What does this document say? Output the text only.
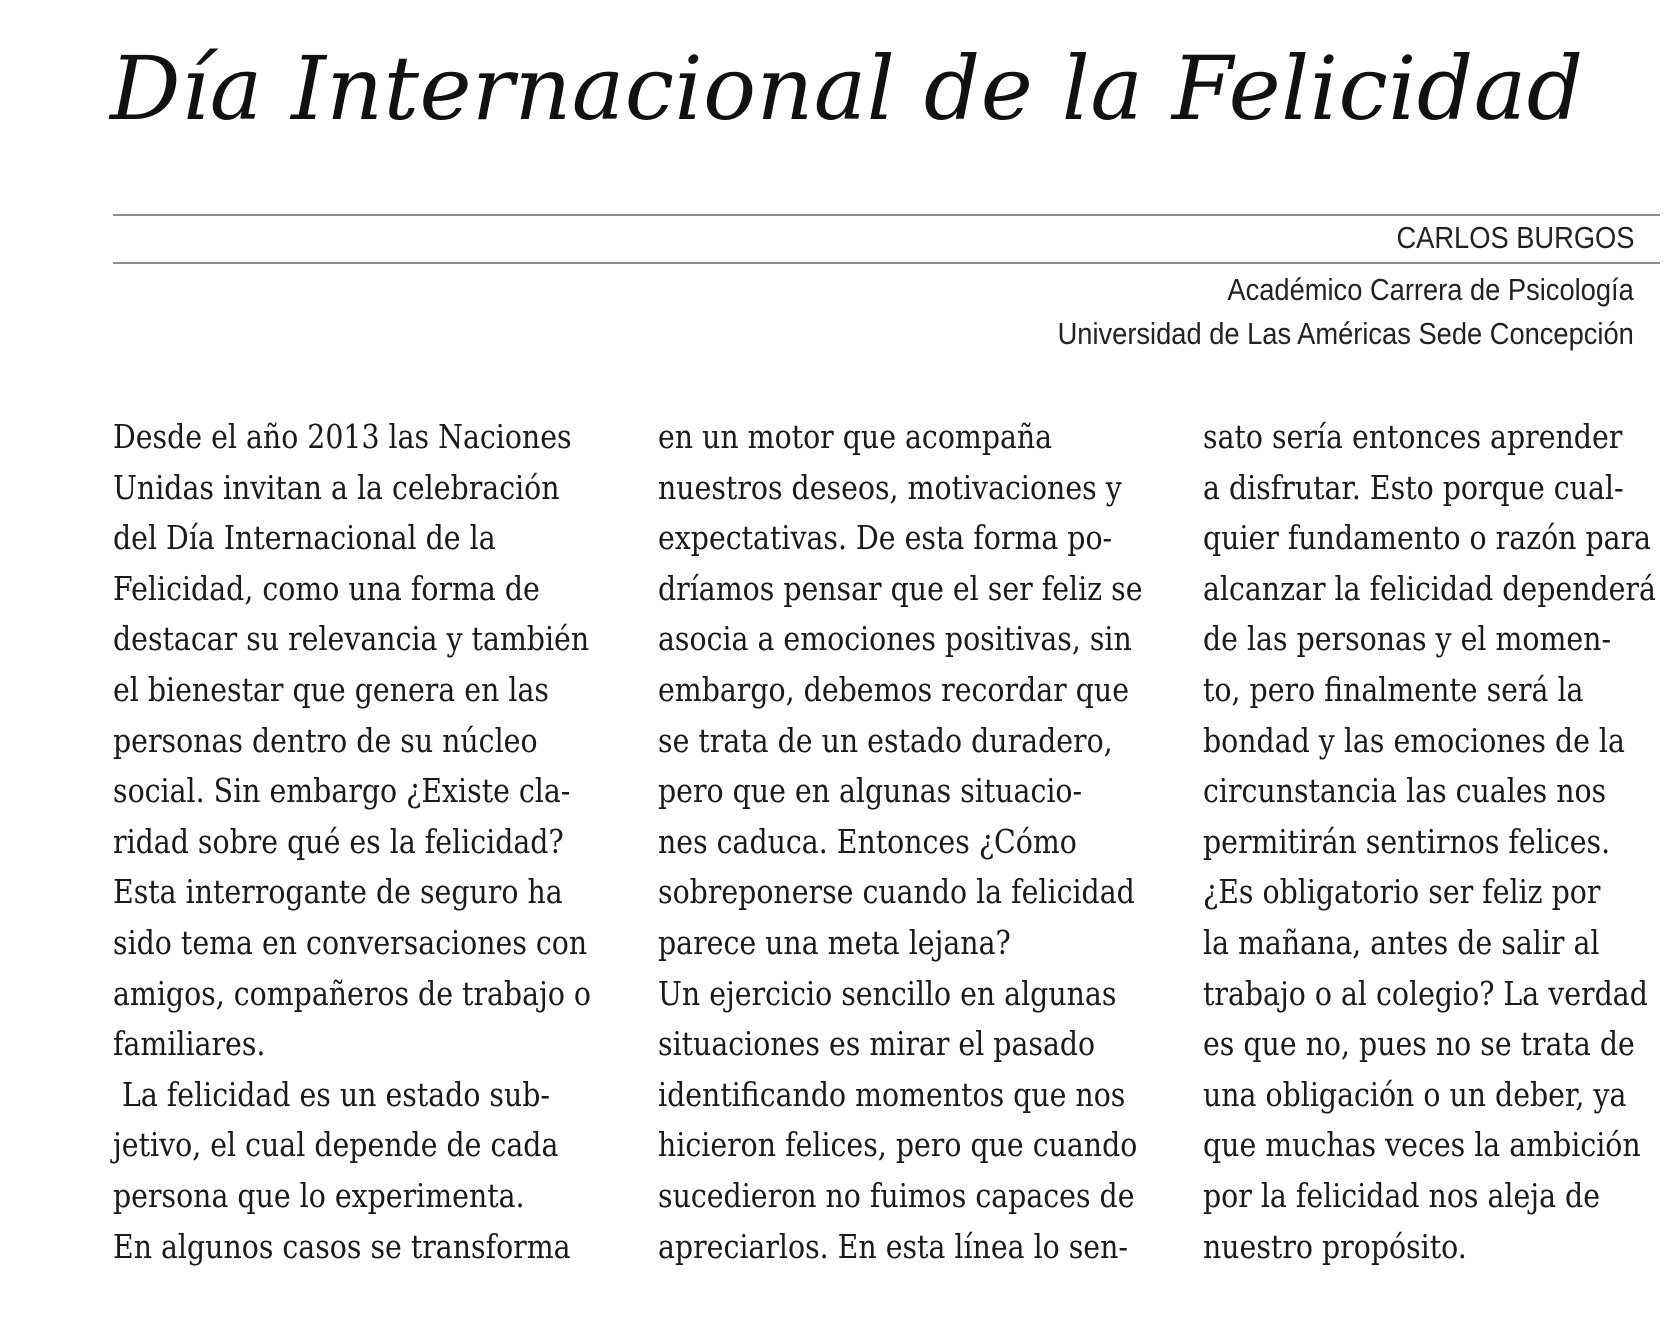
Día Internacional de la Felicidad
CARLOS BURGOS
Académico Carrera de Psicología
Universidad de Las Américas Sede Concepción
Desde el año 2013 las Naciones
Unidas invitan a la celebración
del Día Internacional de la
Felicidad, como una forma de
destacar su relevancia y también
el bienestar que genera en las
personas dentro de su núcleo
social. Sin embargo ¿Existe cla-
ridad sobre qué es la felicidad?
Esta interrogante de seguro ha
sido tema en conversaciones con
amigos, compañeros de trabajo o
familiares.
La felicidad es un estado sub-
jetivo, el cual depende de cada
persona que lo experimenta.
En algunos casos se transforma
en un motor que acompaña
nuestros deseos, motivaciones y
expectativas. De esta forma po-
dríamos pensar que el ser feliz se
asocia a emociones positivas, sin
embargo, debemos recordar que
se trata de un estado duradero,
pero que en algunas situacio-
nes caduca. Entonces ¿Cómo
sobreponerse cuando la felicidad
parece una meta lejana?
Un ejercicio sencillo en algunas
situaciones es mirar el pasado
identificando momentos que nos
hicieron felices, pero que cuando
sucedieron no fuimos capaces de
apreciarlos. En esta línea lo sen-
sato sería entonces aprender
a disfrutar. Esto porque cual-
quier fundamento o razón para
alcanzar la felicidad dependerá
de las personas y el momen-
to, pero finalmente será la
bondad y las emociones de la
circunstancia las cuales nos
permitirán sentirnos felices.
¿Es obligatorio ser feliz por
la mañana, antes de salir al
trabajo o al colegio? La verdad
es que no, pues no se trata de
una obligación o un deber, ya
que muchas veces la ambición
por la felicidad nos aleja de
nuestro propósito.
